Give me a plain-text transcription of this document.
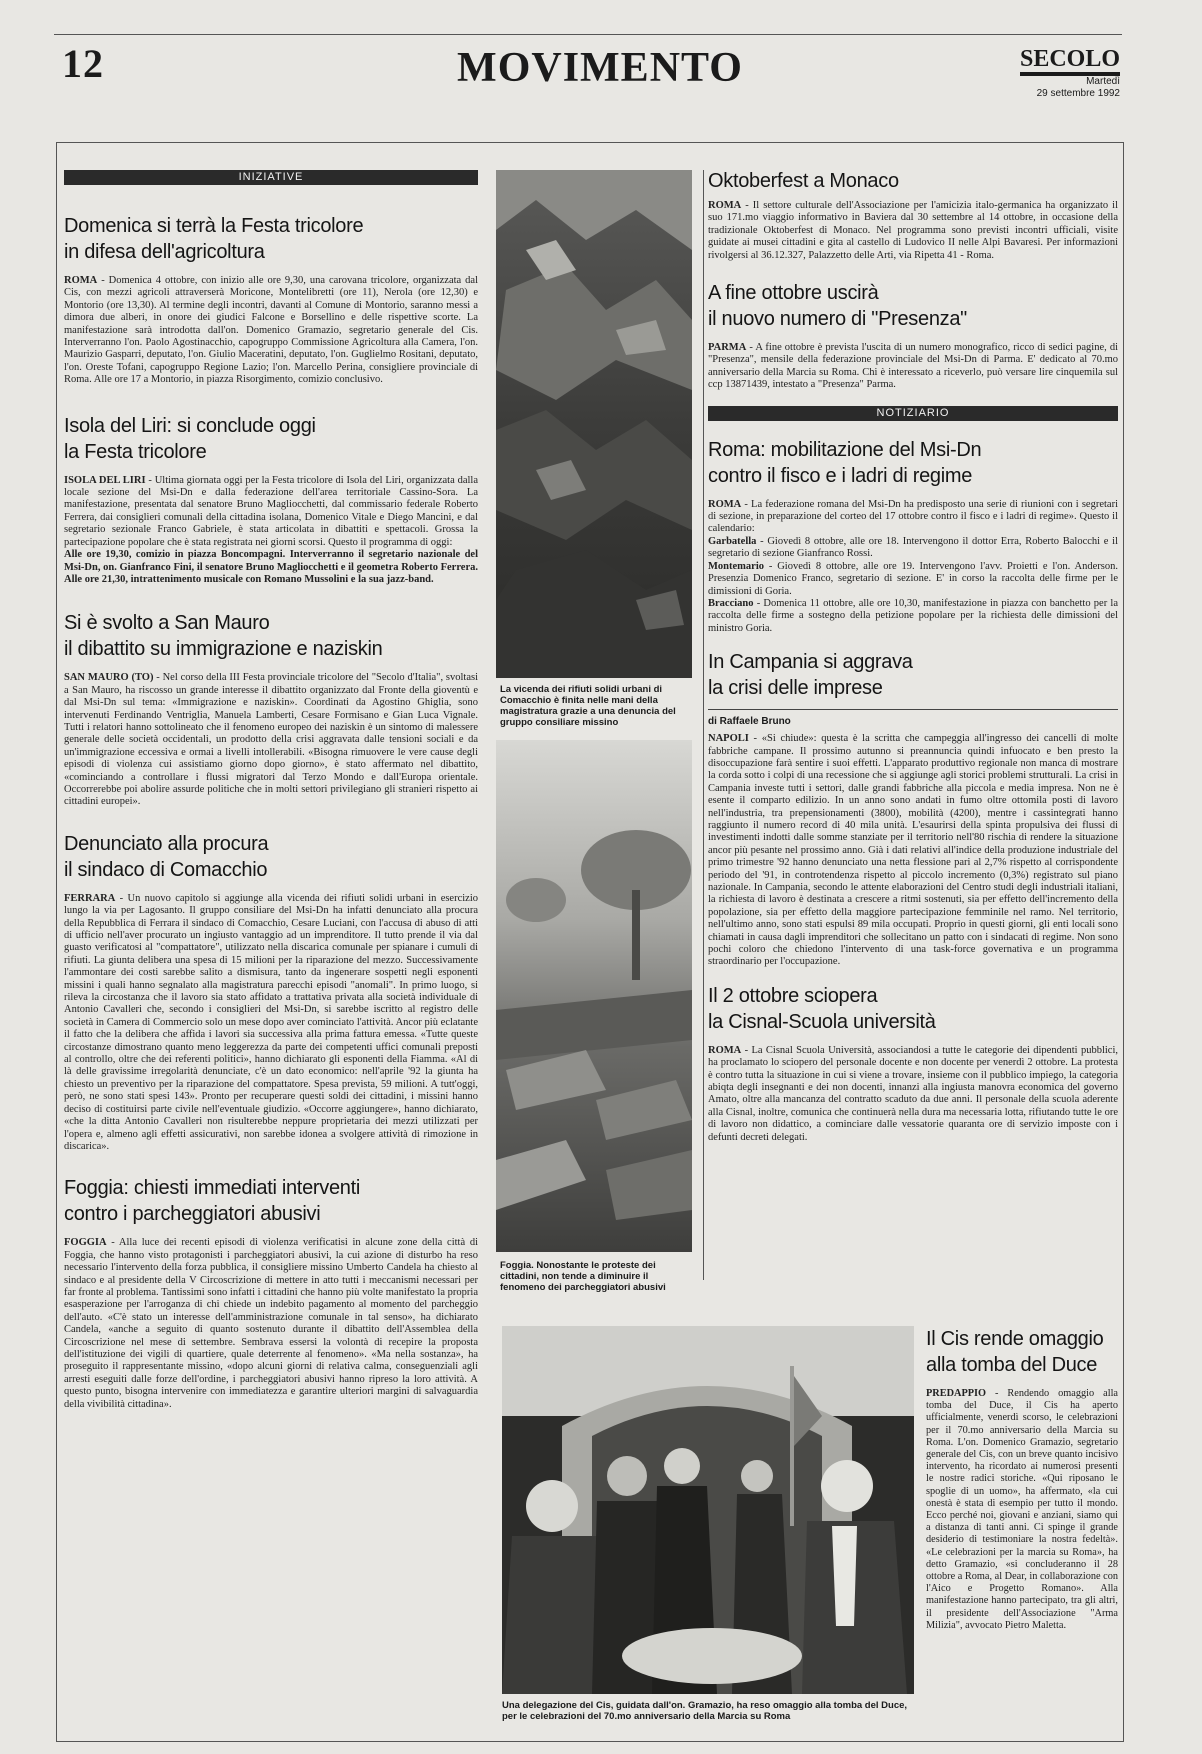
12	MOVIMENTO	SECOLO
Martedì
29 settembre 1992
INIZIATIVE
Domenica si terrà la Festa tricolore
in difesa dell'agricoltura
ROMA - Domenica 4 ottobre, con inizio alle ore 9,30, una carovana tricolore, organizzata dal Cis, con mezzi agricoli attraverserà Moricone, Montelibretti (ore 11), Nerola (ore 12,30) e Montorio (ore 13,30). Al termine degli incontri, davanti al Comune di Montorio, saranno messi a dimora due alberi, in onore dei giudici Falcone e Borsellino e delle rispettive scorte. La manifestazione sarà introdotta dall'on. Domenico Gramazio, segretario generale del Cis. Interverranno l'on. Paolo Agostinacchio, capogruppo Commissione Agricoltura alla Camera, l'on. Maurizio Gasparri, deputato, l'on. Giulio Maceratini, deputato, l'on. Guglielmo Rositani, deputato, l'on. Oreste Tofani, capogruppo Regione Lazio; l'on. Marcello Perina, consigliere provinciale di Roma. Alle ore 17 a Montorio, in piazza Risorgimento, comizio conclusivo.
Isola del Liri: si conclude oggi
la Festa tricolore
ISOLA DEL LIRI - Ultima giornata oggi per la Festa tricolore di Isola del Liri, organizzata dalla locale sezione del Msi-Dn e dalla federazione dell'area territoriale Cassino-Sora. La manifestazione, presentata dal senatore Bruno Magliocchetti, dal commissario federale Roberto Ferrera, dai consiglieri comunali della cittadina isolana, Domenico Vitale e Diego Mancini, e dal segretario sezionale Franco Gabriele, è stata articolata in dibattiti e spettacoli. Grossa la partecipazione popolare che è stata registrata nei giorni scorsi. Questo il programma di oggi:
Alle ore 19,30, comizio in piazza Boncompagni. Interverranno il segretario nazionale del Msi-Dn, on. Gianfranco Fini, il senatore Bruno Magliocchetti e il geometra Roberto Ferrera. Alle ore 21,30, intrattenimento musicale con Romano Mussolini e la sua jazz-band.
Si è svolto a San Mauro
il dibattito su immigrazione e naziskin
SAN MAURO (TO) - Nel corso della III Festa provinciale tricolore del "Secolo d'Italia", svoltasi a San Mauro, ha riscosso un grande interesse il dibattito organizzato dal Fronte della gioventù e dal Msi-Dn sul tema: «Immigrazione e naziskin». Coordinati da Agostino Ghiglia, sono intervenuti Ferdinando Ventriglia, Manuela Lamberti, Cesare Formisano e Gian Luca Vignale. Tutti i relatori hanno sottolineato che il fenomeno europeo dei naziskin è un sintomo di malessere generale delle società occidentali, un prodotto della crisi aggravata dalle tensioni sociali e da un'immigrazione eccessiva e ormai a livelli intollerabili. «Bisogna rimuovere le vere cause degli episodi di violenza cui assistiamo giorno dopo giorno», è stato affermato nel dibattito, «cominciando a controllare i flussi migratori dal Terzo Mondo e dall'Europa orientale. Occorrerebbe poi abolire assurde politiche che in molti settori privilegiano gli stranieri rispetto ai cittadini europei».
Denunciato alla procura
il sindaco di Comacchio
FERRARA - Un nuovo capitolo si aggiunge alla vicenda dei rifiuti solidi urbani in esercizio lungo la via per Lagosanto. Il gruppo consiliare del Msi-Dn ha infatti denunciato alla procura della Repubblica di Ferrara il sindaco di Comacchio, Cesare Luciani, con l'accusa di abuso di atti di ufficio nell'aver procurato un ingiusto vantaggio ad un imprenditore. Il tutto prende il via dal guasto verificatosi al "compattatore", utilizzato nella discarica comunale per spianare i cumuli di rifiuti. La giunta delibera una spesa di 15 milioni per la riparazione del mezzo. Successivamente l'ammontare dei costi sarebbe salito a dismisura, tanto da ingenerare sospetti negli esponenti missini i quali hanno segnalato alla magistratura parecchi episodi "anomali". In primo luogo, si rileva la circostanza che il lavoro sia stato affidato a trattativa privata alla società individuale di Antonio Cavalleri che, secondo i consiglieri del Msi-Dn, si sarebbe iscritto al registro delle società in Camera di Commercio solo un mese dopo aver cominciato l'attività. Ancor più eclatante il fatto che la delibera che affida i lavori sia successiva alla prima fattura emessa. «Tutte queste circostanze dimostrano quanto meno leggerezza da parte dei competenti uffici comunali preposti al controllo, oltre che dei referenti politici», hanno dichiarato gli esponenti della Fiamma. «Al di là delle gravissime irregolarità denunciate, c'è un dato economico: nell'aprile '92 la giunta ha chiesto un preventivo per la riparazione del compattatore. Spesa prevista, 59 milioni. A tutt'oggi, però, ne sono stati spesi 143». Pronto per recuperare questi soldi dei cittadini, i missini hanno deciso di costituirsi parte civile nell'eventuale giudizio. «Occorre aggiungere», hanno dichiarato, «che la ditta Antonio Cavalleri non risulterebbe neppure proprietaria dei mezzi utilizzati per l'opera e, almeno agli effetti assicurativi, non sarebbe idonea a svolgere attività di rimozione in discarica».
Foggia: chiesti immediati interventi
contro i parcheggiatori abusivi
FOGGIA - Alla luce dei recenti episodi di violenza verificatisi in alcune zone della città di Foggia, che hanno visto protagonisti i parcheggiatori abusivi, la cui azione di disturbo ha reso necessario l'intervento della forza pubblica, il consigliere missino Umberto Candela ha chiesto al sindaco e al presidente della V Circoscrizione di mettere in atto tutti i meccanismi necessari per far fronte al problema. Tantissimi sono infatti i cittadini che hanno più volte manifestato la propria esasperazione per l'arroganza di chi chiede un indebito pagamento al momento del parcheggio dell'auto. «C'è stato un interesse dell'amministrazione comunale in tal senso», ha dichiarato Candela, «anche a seguito di quanto sostenuto durante il dibattito dell'Assemblea della Circoscrizione nel mese di settembre. Sembrava essersi la volontà di recepire la proposta dell'istituzione dei vigili di quartiere, quale deterrente al fenomeno». «Ma nella sostanza», ha proseguito il rappresentante missino, «dopo alcuni giorni di relativa calma, conseguenziali agli arresti eseguiti dalle forze dell'ordine, i parcheggiatori abusivi hanno ripreso la loro attività. A questo punto, bisogna intervenire con immediatezza e garantire ulteriori margini di salvaguardia della vivibilità cittadina».
La vicenda dei rifiuti solidi urbani di Comacchio è finita nelle mani della magistratura grazie a una denuncia del gruppo consiliare missino
Foggia. Nonostante le proteste dei cittadini, non tende a diminuire il fenomeno dei parcheggiatori abusivi
Una delegazione del Cis, guidata dall'on. Gramazio, ha reso omaggio alla tomba del Duce, per le celebrazioni del 70.mo anniversario della Marcia su Roma
Oktoberfest a Monaco
ROMA - Il settore culturale dell'Associazione per l'amicizia italo-germanica ha organizzato il suo 171.mo viaggio informativo in Baviera dal 30 settembre al 14 ottobre, in occasione della tradizionale Oktoberfest di Monaco. Nel programma sono previsti incontri ufficiali, visite guidate ai musei cittadini e gita al castello di Ludovico II nelle Alpi Bavaresi. Per informazioni rivolgersi al 36.12.327, Palazzetto delle Arti, via Ripetta 41 - Roma.
A fine ottobre uscirà
il nuovo numero di "Presenza"
PARMA - A fine ottobre è prevista l'uscita di un numero monografico, ricco di sedici pagine, di "Presenza", mensile della federazione provinciale del Msi-Dn di Parma. E' dedicato al 70.mo anniversario della Marcia su Roma. Chi è interessato a riceverlo, può versare lire cinquemila sul ccp 13871439, intestato a "Presenza" Parma.
NOTIZIARIO
Roma: mobilitazione del Msi-Dn
contro il fisco e i ladri di regime
ROMA - La federazione romana del Msi-Dn ha predisposto una serie di riunioni con i segretari di sezione, in preparazione del corteo del 17 ottobre contro il fisco e i ladri di regime». Questo il calendario:
Garbatella - Giovedì 8 ottobre, alle ore 18. Intervengono il dottor Erra, Roberto Balocchi e il segretario di sezione Gianfranco Rossi.
Montemario - Giovedì 8 ottobre, alle ore 19. Intervengono l'avv. Proietti e l'on. Anderson. Presenzia Domenico Franco, segretario di sezione. E' in corso la raccolta delle firme per le dimissioni di Goria.
Bracciano - Domenica 11 ottobre, alle ore 10,30, manifestazione in piazza con banchetto per la raccolta delle firme a sostegno della petizione popolare per la richiesta delle dimissioni del ministro Goria.
In Campania si aggrava
la crisi delle imprese
di Raffaele Bruno
NAPOLI - «Si chiude»: questa è la scritta che campeggia all'ingresso dei cancelli di molte fabbriche campane. Il prossimo autunno si preannuncia quindi infuocato e ben presto la disoccupazione farà sentire i suoi effetti. L'apparato produttivo regionale non manca di mostrare la corda sotto i colpi di una recessione che si aggiunge agli storici problemi strutturali. La crisi in Campania investe tutti i settori, dalle grandi fabbriche alla piccola e media impresa. Non ne è esente il comparto edilizio. In un anno sono andati in fumo oltre ottomila posti di lavoro nell'industria, tra prepensionamenti (3800), mobilità (4200), mentre i cassintegrati hanno raggiunto il numero record di 40 mila unità. L'esaurirsi della spinta propulsiva dei flussi di investimenti indotti dalle somme stanziate per il territorio nell'80 rischia di rendere la situazione ancor più pesante nel prossimo anno. Già i dati relativi all'indice della produzione industriale del primo trimestre '92 hanno denunciato una netta flessione pari al 2,7% rispetto al corrispondente periodo del '91, in controtendenza rispetto al piccolo incremento (0,3%) registrato sul piano nazionale. In Campania, secondo le attente elaborazioni del Centro studi degli industriali italiani, la richiesta di lavoro è destinata a crescere a ritmi sostenuti, sia per effetto dell'incremento della popolazione, sia per effetto della maggiore partecipazione femminile nel ramo. Nel territorio, nell'ultimo anno, sono stati espulsi 89 mila occupati. Proprio in questi giorni, gli enti locali sono chiamati in causa dagli imprenditori che sollecitano un patto con i sindacati di regime. Non sono pochi coloro che chiedono l'intervento di una task-force governativa e un programma straordinario per l'occupazione.
Il 2 ottobre sciopera
la Cisnal-Scuola università
ROMA - La Cisnal Scuola Università, associandosi a tutte le categorie dei dipendenti pubblici, ha proclamato lo sciopero del personale docente e non docente per venerdì 2 ottobre. La protesta è contro tutta la situazione in cui si viene a trovare, insieme con il pubblico impiego, la categoria abiqta degli insegnanti e dei non docenti, innanzi alla ingiusta manovra economica del governo Amato, oltre alla mancanza del contratto scaduto da due anni. Il personale della scuola aderente alla Cisnal, inoltre, comunica che continuerà nella dura ma necessaria lotta, rifiutando tutte le ore di lavoro non didattico, a cominciare dalle vessatorie quaranta ore di servizio imposte con i defunti decreti delegati.
Il Cis rende omaggio
alla tomba del Duce
PREDAPPIO - Rendendo omaggio alla tomba del Duce, il Cis ha aperto ufficialmente, venerdì scorso, le celebrazioni per il 70.mo anniversario della Marcia su Roma. L'on. Domenico Gramazio, segretario generale del Cis, con un breve quanto incisivo intervento, ha ricordato ai numerosi presenti le nostre radici storiche. «Qui riposano le spoglie di un uomo», ha affermato, «la cui onestà è stata di esempio per tutto il mondo. Ecco perché noi, giovani e anziani, siamo qui a distanza di tanti anni. Ci spinge il grande desiderio di testimoniare la nostra fedeltà». «Le celebrazioni per la marcia su Roma», ha detto Gramazio, «si concluderanno il 28 ottobre a Roma, al Dear, in collaborazione con l'Aico e Progetto Romano». Alla manifestazione hanno partecipato, tra gli altri, il presidente dell'Associazione "Arma Milizia", avvocato Pietro Maletta.
